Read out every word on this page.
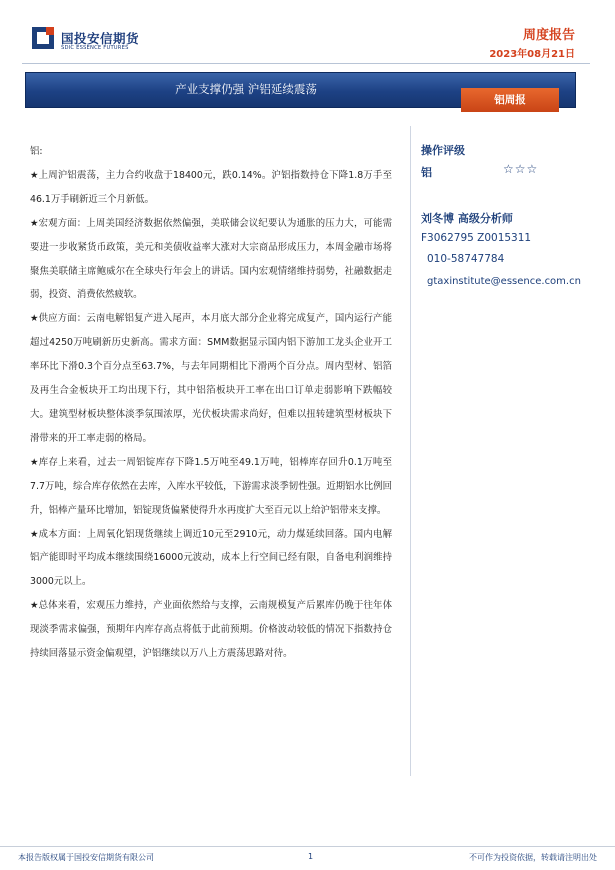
国投安信期货
SDIC ESSENCE FUTURES
周度报告
2023年08月21日
产业支撑仍强 沪铝延续震荡
铝周报

铝:

★上周沪铝震荡，主力合约收盘于18400元，跌0.14%。沪铝指数持仓下降1.8万手至46.1万手刷新近三个月新低。

★宏观方面：上周美国经济数据依然偏强，美联储会议纪要认为通胀的压力大，可能需要进一步收紧货币政策，美元和美债收益率大涨对大宗商品形成压力，本周金融市场将聚焦美联储主席鲍威尔在全球央行年会上的讲话。国内宏观情绪维持弱势，社融数据走弱，投资、消费依然疲软。

★供应方面：云南电解铝复产进入尾声，本月底大部分企业将完成复产，国内运行产能超过4250万吨刷新历史新高。需求方面：SMM数据显示国内铝下游加工龙头企业开工率环比下滑0.3个百分点至63.7%，与去年同期相比下滑两个百分点。周内型材、铝箔及再生合金板块开工均出现下行，其中铝箔板块开工率在出口订单走弱影响下跌幅较大。建筑型材板块整体淡季氛围浓厚，光伏板块需求尚好，但难以扭转建筑型材板块下滑带来的开工率走弱的格局。

★库存上来看，过去一周铝锭库存下降1.5万吨至49.1万吨，铝棒库存回升0.1万吨至7.7万吨，综合库存依然在去库，入库水平较低，下游需求淡季韧性强。近期铝水比例回升，铝棒产量环比增加，铝锭现货偏紧使得升水再度扩大至百元以上给沪铝带来支撑。

★成本方面：上周氧化铝现货继续上调近10元至2910元，动力煤延续回落。国内电解铝产能即时平均成本继续围绕16000元波动，成本上行空间已经有限，自备电利润维持3000元以上。

★总体来看，宏观压力维持，产业面依然给与支撑，云南规模复产后累库仍晚于往年体现淡季需求偏强，预期年内库存高点将低于此前预期。价格波动较低的情况下指数持仓持续回落显示资金偏观望，沪铝继续以万八上方震荡思路对待。

操作评级
铝	☆☆☆
刘冬博 高级分析师
F3062795 Z0015311
010-58747784
gtaxinstitute@essence.com.cn
本报告版权属于国投安信期货有限公司	1	不可作为投资依据，转载请注明出处
